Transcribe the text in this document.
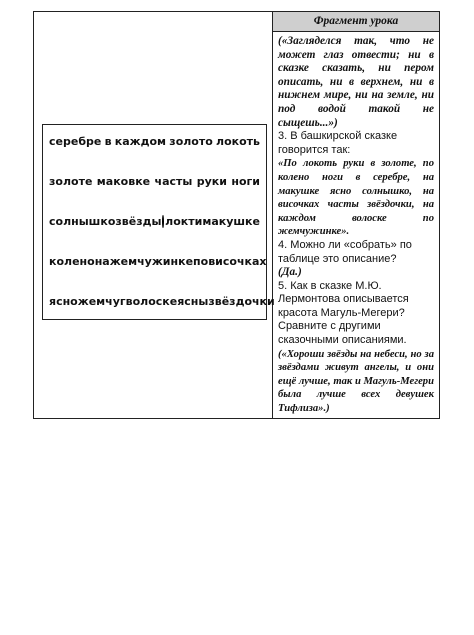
серебре в каждом золото локоть
золоте маковке часты руки ноги
солнышко звёзды локти макушке
колено на жемчужинке по височках
ясно жемчуг волоске ясны звёздочки
Фрагмент урока

(«Загляделся так, что не может глаз отвести; ни в сказке сказать, ни пером описать, ни в верхнем, ни в нижнем мире, ни на земле, ни под водой такой не сыщешь...»)

3. В башкирской сказке говорится так:

«По локоть руки в золоте, по колено ноги в серебре, на макушке ясно солнышко, на височках часты звёздочки, на каждом волоске по жемчужинке».

4. Можно ли «собрать» по таблице это описание?

(Да.)

5. Как в сказке М.Ю. Лермонтова описывается красота Магуль-Мегери?

Сравните с другими сказочными описаниями.

(«Хороши звёзды на небеси, но за звёздами живут ангелы, и они ещё лучше, так и Магуль-Мегери была лучше всех девушек Тифлиза».)
